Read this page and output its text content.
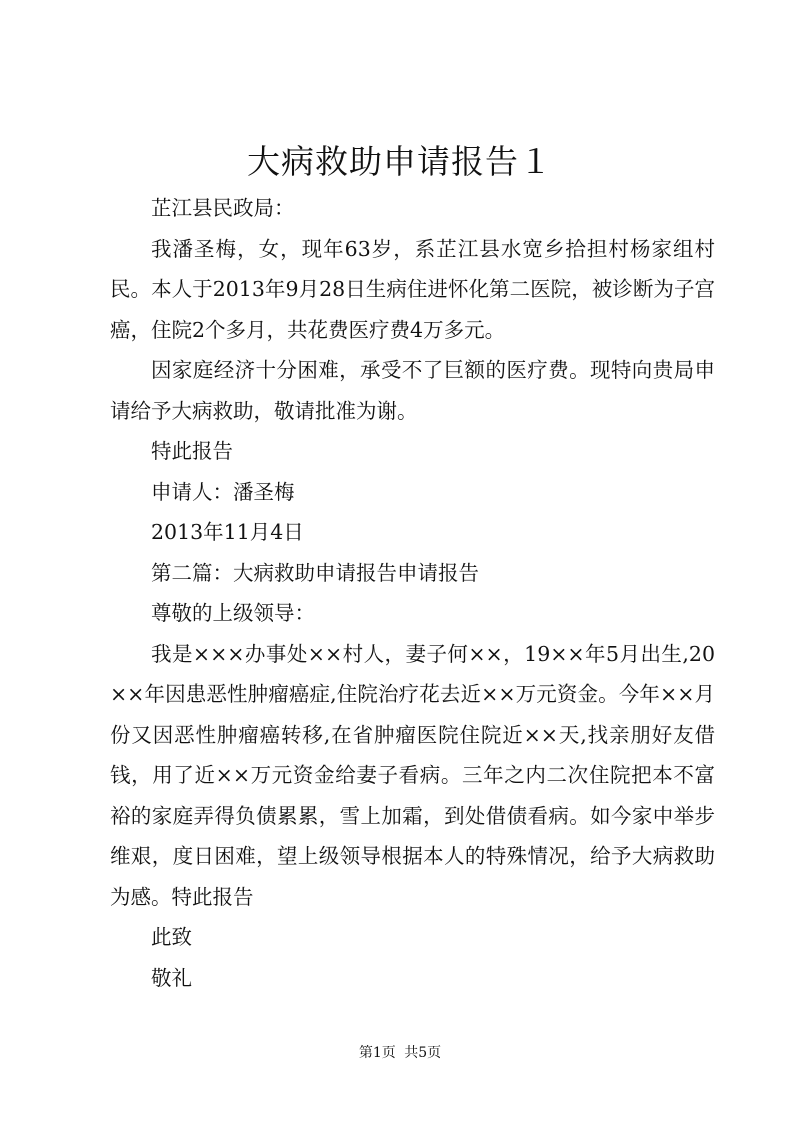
大病救助申请报告１

芷江县民政局：

我潘圣梅，女，现年63岁，系芷江县水宽乡拾担村杨家组村民。本人于2013年9月28日生病住进怀化第二医院，被诊断为子宫癌，住院2个多月，共花费医疗费4万多元。

因家庭经济十分困难，承受不了巨额的医疗费。现特向贵局申请给予大病救助，敬请批准为谢。

特此报告

申请人：潘圣梅

2013年11月4日

第二篇：大病救助申请报告申请报告

尊敬的上级领导：

我是×××办事处××村人，妻子何××，19××年5月出生,20××年因患恶性肿瘤癌症,住院治疗花去近××万元资金。今年××月份又因恶性肿瘤癌转移,在省肿瘤医院住院近××天,找亲朋好友借钱，用了近××万元资金给妻子看病。三年之内二次住院把本不富裕的家庭弄得负债累累，雪上加霜，到处借债看病。如今家中举步维艰，度日困难，望上级领导根据本人的特殊情况，给予大病救助为感。特此报告

此致

敬礼

第1页 共5页
